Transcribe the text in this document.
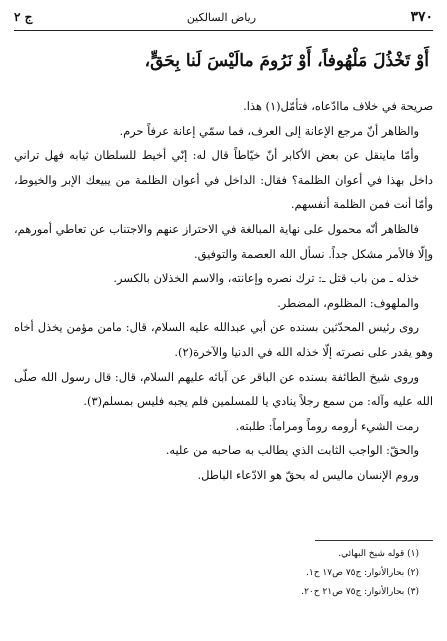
٣٧٠
رياض السالكين
ج ٢
أَوْ تَخْذُلَ مَلْهُوفاً، أَوْ نَرُومَ مالَيْسَ لَنا بِحَقٍّ،

صريحة في خلاف ماادّعاه، فتأمّل(١) هذا.

والظاهر أنّ مرجع الإعانة إلى العرف، فما سمّي إعانة عرفاً حرم.

وأمّا ماينقل عن بعض الأكابر أنّ خيّاطاً قال له: إنّي أخيط للسلطان ثيابه فهل تراني داخل بهذا في أعوان الظلمة؟ فقال: الداخل في أعوان الظلمة من يبيعك الإبر والخيوط، وأمّا أنت فمن الظلمة أنفسهم.

فالظاهر أنّه محمول على نهاية المبالغة في الاحتراز عنهم والاجتناب عن تعاطي أمورهم، وإلّا فالأمر مشكل جداً. نسأل الله العصمة والتوفيق.

خذله ـ من باب قتل ـ: ترك نصره وإعانته، والاسم الخذلان بالكسر.

والملهوف: المظلوم، المضطر.

روى رئيس المحدّثين بسنده عن أبي عبدالله عليه السلام، قال: مامن مؤمن يخذل أخاه وهو يقدر على نصرته إلّا خذله الله في الدنيا والآخرة(٢).

وروى شيخ الطائفة بسنده عن الباقر عن آبائه عليهم السلام، قال: قال رسول الله صلّى الله عليه وآله: من سمع رجلاً ينادي يا للمسلمين فلم يجبه فليس بمسلم(٣).

رمت الشيء أرومه روماً ومراماً: طلبته.

والحقّ: الواجب الثابت الذي يطالب به صاحبه من عليه.

وروم الإنسان ماليس له بحقّ هو الادّعاء الباطل.

(١) قوله شيخ البهائي.

(٢) بحارالأنوار: ج٧٥ ص١٧ ح١.

(٣) بحارالأنوار: ج٧٥ ص٢١ ح٢٠.
